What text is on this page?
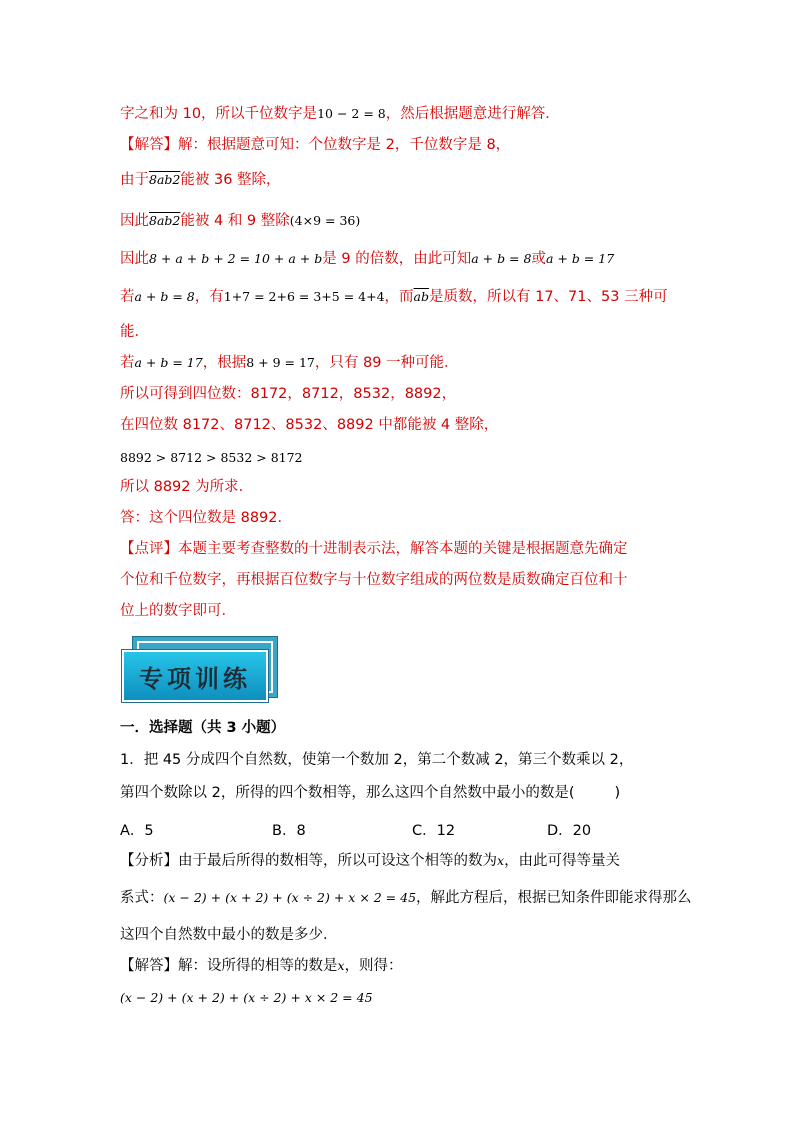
字之和为 10，所以千位数字是10 − 2 = 8，然后根据题意进行解答．
【解答】解：根据题意可知：个位数字是 2，千位数字是 8，
由于8ab2能被 36 整除，
因此8ab2能被 4 和 9 整除(4×9 = 36)
因此8 + a + b + 2 = 10 + a + b是 9 的倍数，由此可知a + b = 8或a + b = 17
若a + b = 8，有1+7 = 2+6 = 3+5 = 4+4，而$\overline{ab}$是质数，所以有 17、71、53 三种可
能．
若a + b = 17，根据8 + 9 = 17，只有 89 一种可能．
所以可得到四位数：8172，8712，8532，8892，
在四位数 8172、8712、8532、8892 中都能被 4 整除，
8892 > 8712 > 8532 > 8172
所以 8892 为所求．
答：这个四位数是 8892．
【点评】本题主要考查整数的十进制表示法，解答本题的关键是根据题意先确定
个位和千位数字，再根据百位数字与十位数字组成的两位数是质数确定百位和十
位上的数字即可．
专项训练
一．选择题（共 3 小题）
1．把 45 分成四个自然数，使第一个数加 2，第二个数减 2，第三个数乘以 2，
第四个数除以 2，所得的四个数相等，那么这四个自然数中最小的数是(	)
A．5	B．8	C．12	D．20
【分析】由于最后所得的数相等，所以可设这个相等的数为x，由此可得等量关
系式：(x − 2) + (x + 2) + (x ÷ 2) + x × 2 = 45，解此方程后，根据已知条件即能求得那么
这四个自然数中最小的数是多少．
【解答】解：设所得的相等的数是x，则得：
(x − 2) + (x + 2) + (x ÷ 2) + x × 2 = 45
